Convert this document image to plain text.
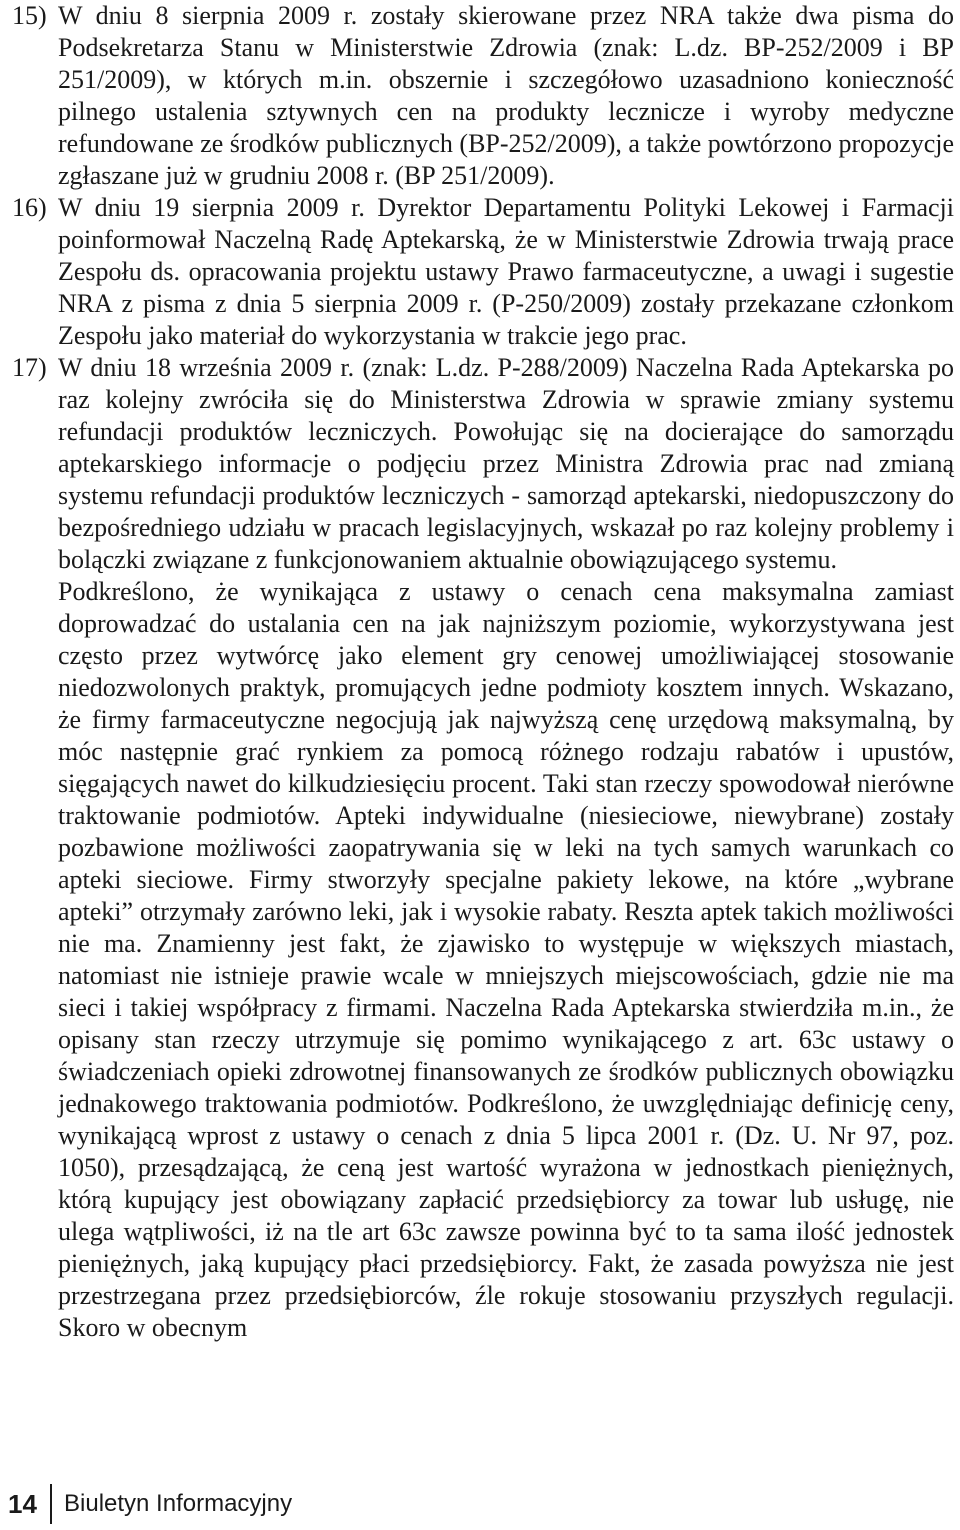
15) W dniu 8 sierpnia 2009 r. zostały skierowane przez NRA także dwa pisma do Podsekretarza Stanu w Ministerstwie Zdrowia (znak: L.dz. BP-252/2009 i BP 251/2009), w których m.in. obszernie i szczegółowo uzasadniono konieczność pilnego ustalenia sztywnych cen na produkty lecznicze i wyroby medyczne refundowane ze środków publicznych (BP-252/2009), a także powtórzono propozycje zgłaszane już w grudniu 2008 r. (BP 251/2009).
16) W dniu 19 sierpnia 2009 r. Dyrektor Departamentu Polityki Lekowej i Farmacji poinformował Naczelną Radę Aptekarską, że w Ministerstwie Zdrowia trwają prace Zespołu ds. opracowania projektu ustawy Prawo farmaceutyczne, a uwagi i sugestie NRA z pisma z dnia 5 sierpnia 2009 r. (P-250/2009) zostały przekazane członkom Zespołu jako materiał do wykorzystania w trakcie jego prac.
17) W dniu 18 września 2009 r. (znak: L.dz. P-288/2009) Naczelna Rada Aptekarska po raz kolejny zwróciła się do Ministerstwa Zdrowia w sprawie zmiany systemu refundacji produktów leczniczych. Powołując się na docierające do samorządu aptekarskiego informacje o podjęciu przez Ministra Zdrowia prac nad zmianą systemu refundacji produktów leczniczych - samorząd aptekarski, niedopuszczony do bezpośredniego udziału w pracach legislacyjnych, wskazał po raz kolejny problemy i bolączki związane z funkcjonowaniem aktualnie obowiązującego systemu.
Podkreślono, że wynikająca z ustawy o cenach cena maksymalna zamiast doprowadzać do ustalania cen na jak najniższym poziomie, wykorzystywana jest często przez wytwórcę jako element gry cenowej umożliwiającej stosowanie niedozwolonych praktyk, promujących jedne podmioty kosztem innych. Wskazano, że firmy farmaceutyczne negocjują jak najwyższą cenę urzędową maksymalną, by móc następnie grać rynkiem za pomocą różnego rodzaju rabatów i upustów, sięgających nawet do kilkudziesięciu procent. Taki stan rzeczy spowodował nierówne traktowanie podmiotów. Apteki indywidualne (niesieciowe, niewybrane) zostały pozbawione możliwości zaopatrywania się w leki na tych samych warunkach co apteki sieciowe. Firmy stworzyły specjalne pakiety lekowe, na które „wybrane apteki” otrzymały zarówno leki, jak i wysokie rabaty. Reszta aptek takich możliwości nie ma. Znamienny jest fakt, że zjawisko to występuje w większych miastach, natomiast nie istnieje prawie wcale w mniejszych miejscowościach, gdzie nie ma sieci i takiej współpracy z firmami. Naczelna Rada Aptekarska stwierdziła m.in., że opisany stan rzeczy utrzymuje się pomimo wynikającego z art. 63c ustawy o świadczeniach opieki zdrowotnej finansowanych ze środków publicznych obowiązku jednakowego traktowania podmiotów. Podkreślono, że uwzględniając definicję ceny, wynikającą wprost z ustawy o cenach z dnia 5 lipca 2001 r. (Dz. U. Nr 97, poz. 1050), przesądzającą, że ceną jest wartość wyrażona w jednostkach pieniężnych, którą kupujący jest obowiązany zapłacić przedsiębiorcy za towar lub usługę, nie ulega wątpliwości, iż na tle art 63c zawsze powinna być to ta sama ilość jednostek pieniężnych, jaką kupujący płaci przedsiębiorcy. Fakt, że zasada powyższa nie jest przestrzegana przez przedsiębiorców, źle rokuje stosowaniu przyszłych regulacji. Skoro w obecnym
14	Biuletyn Informacyjny
